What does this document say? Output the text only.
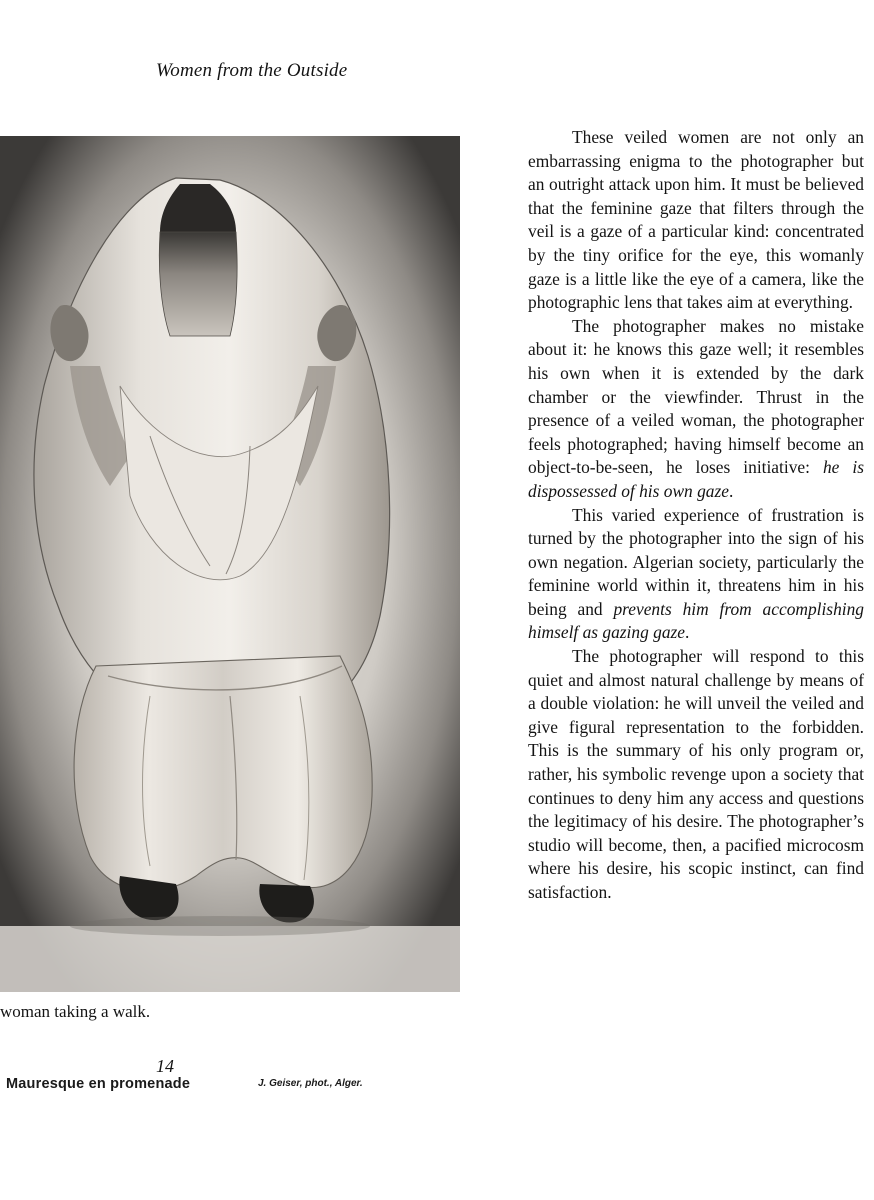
Women from the Outside
Mauresque en promenade	J. Geiser, phot., Alger.

woman taking a walk.

14

These veiled women are not only an embarrassing enigma to the photographer but an outright attack upon him. It must be believed that the feminine gaze that filters through the veil is a gaze of a particular kind: concentrated by the tiny orifice for the eye, this womanly gaze is a little like the eye of a camera, like the photographic lens that takes aim at everything.

The photographer makes no mistake about it: he knows this gaze well; it resembles his own when it is extended by the dark chamber or the viewfinder. Thrust in the presence of a veiled woman, the photographer feels photographed; having himself become an object-to-be-seen, he loses initiative: he is dispossessed of his own gaze.

This varied experience of frustration is turned by the photographer into the sign of his own negation. Algerian society, particularly the feminine world within it, threatens him in his being and prevents him from accomplishing himself as gazing gaze.

The photographer will respond to this quiet and almost natural challenge by means of a double violation: he will unveil the veiled and give figural representation to the forbidden. This is the summary of his only program or, rather, his symbolic revenge upon a society that continues to deny him any access and questions the legitimacy of his desire. The photographer’s studio will become, then, a pacified microcosm where his desire, his scopic instinct, can find satisfaction.
